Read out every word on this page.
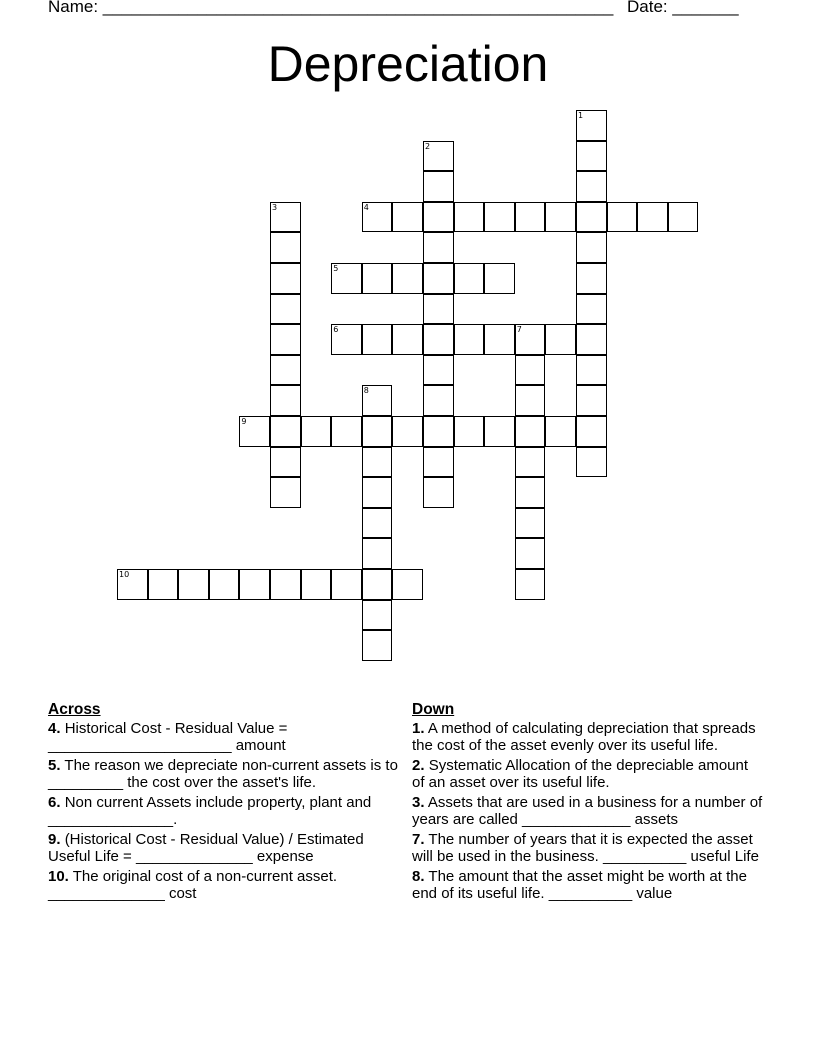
Name: ______________________________________________________ Date: _______
Depreciation
1
2
3	4
5
6	7
8
9
10
Across
4. Historical Cost - Residual Value = ______________________ amount
5. The reason we depreciate non-current assets is to _________ the cost over the asset's life.
6. Non current Assets include property, plant and _______________.
9. (Historical Cost - Residual Value) / Estimated Useful Life = ______________ expense
10. The original cost of a non-current asset. ______________ cost
Down
1. A method of calculating depreciation that spreads the cost of the asset evenly over its useful life.
2. Systematic Allocation of the depreciable amount of an asset over its useful life.
3. Assets that are used in a business for a number of years are called _____________ assets
7. The number of years that it is expected the asset will be used in the business. __________ useful Life
8. The amount that the asset might be worth at the end of its useful life. __________ value
